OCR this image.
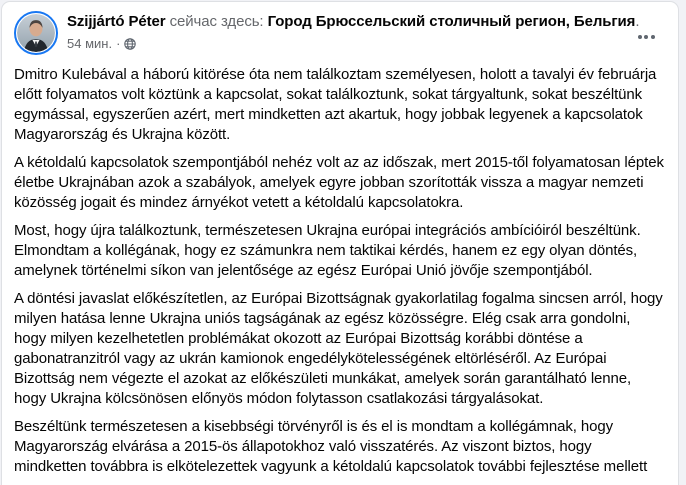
Szijjártó Péter сейчас здесь: Город Брюссельский столичный регион, Бельгия.
54 мин. ·

Dmitro Kulebával a háború kitörése óta nem találkoztam személyesen, holott a tavalyi év februárja előtt folyamatos volt köztünk a kapcsolat, sokat találkoztunk, sokat tárgyaltunk, sokat beszéltünk egymással, egyszerűen azért, mert mindketten azt akartuk, hogy jobbak legyenek a kapcsolatok Magyarország és Ukrajna között.

A kétoldalú kapcsolatok szempontjából nehéz volt az az időszak, mert 2015-től folyamatosan léptek életbe Ukrajnában azok a szabályok, amelyek egyre jobban szorították vissza a magyar nemzeti közösség jogait és mindez árnyékot vetett a kétoldalú kapcsolatokra.

Most, hogy újra találkoztunk, természetesen Ukrajna európai integrációs ambícióiról beszéltünk. Elmondtam a kollégának, hogy ez számunkra nem taktikai kérdés, hanem ez egy olyan döntés, amelynek történelmi síkon van jelentősége az egész Európai Unió jövője szempontjából.

A döntési javaslat előkészítetlen, az Európai Bizottságnak gyakorlatilag fogalma sincsen arról, hogy milyen hatása lenne Ukrajna uniós tagságának az egész közösségre. Elég csak arra gondolni, hogy milyen kezelhetetlen problémákat okozott az Európai Bizottság korábbi döntése a gabonatranzitról vagy az ukrán kamionok engedélykötelességének eltörléséről. Az Európai Bizottság nem végezte el azokat az előkészületi munkákat, amelyek során garantálható lenne, hogy Ukrajna kölcsönösen előnyös módon folytasson csatlakozási tárgyalásokat.

Beszéltünk természetesen a kisebbségi törvényről is és el is mondtam a kollégámnak, hogy Magyarország elvárása a 2015-ös állapotokhoz való visszatérés. Az viszont biztos, hogy mindketten továbbra is elkötelezettek vagyunk a kétoldalú kapcsolatok további fejlesztése mellett
